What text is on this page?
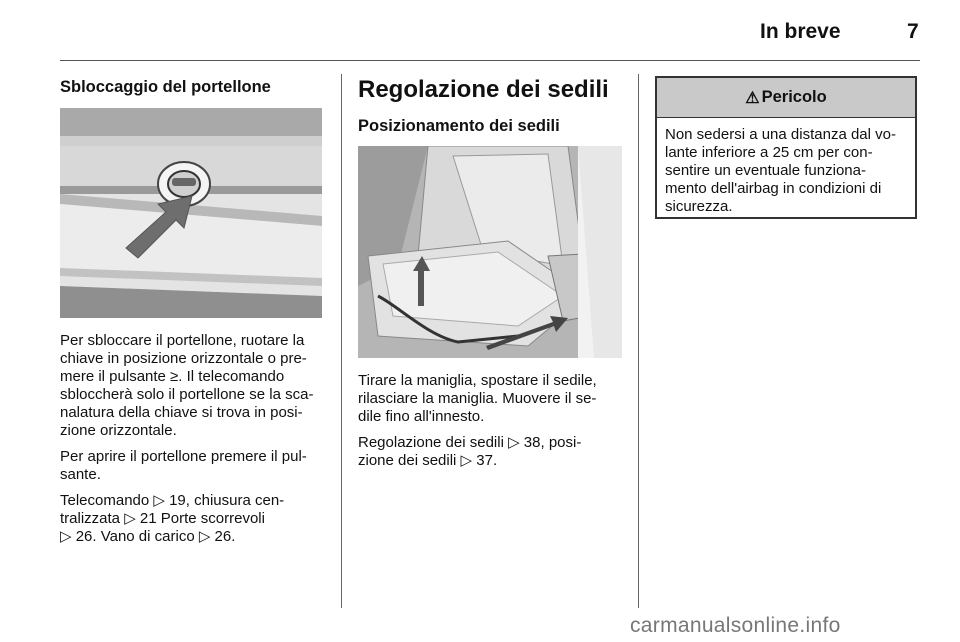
In breve	7
Sbloccaggio del portellone

Per sbloccare il portellone, ruotare la
chiave in posizione orizzontale o pre-
mere il pulsante ≥. Il telecomando
sbloccherà solo il portellone se la sca-
nalatura della chiave si trova in posi-
zione orizzontale.

Per aprire il portellone premere il pul-
sante.

Telecomando ▷ 19, chiusura cen-
tralizzata ▷ 21 Porte scorrevoli
▷ 26. Vano di carico ▷ 26.

Regolazione dei sedili
Posizionamento dei sedili

Tirare la maniglia, spostare il sedile,
rilasciare la maniglia. Muovere il se-
dile fino all'innesto.

Regolazione dei sedili ▷ 38, posi-
zione dei sedili ▷ 37.

⚠ Pericolo
Non sedersi a una distanza dal vo-
lante inferiore a 25 cm per con-
sentire un eventuale funziona-
mento dell'airbag in condizioni di
sicurezza.
carmanualsonline.info
